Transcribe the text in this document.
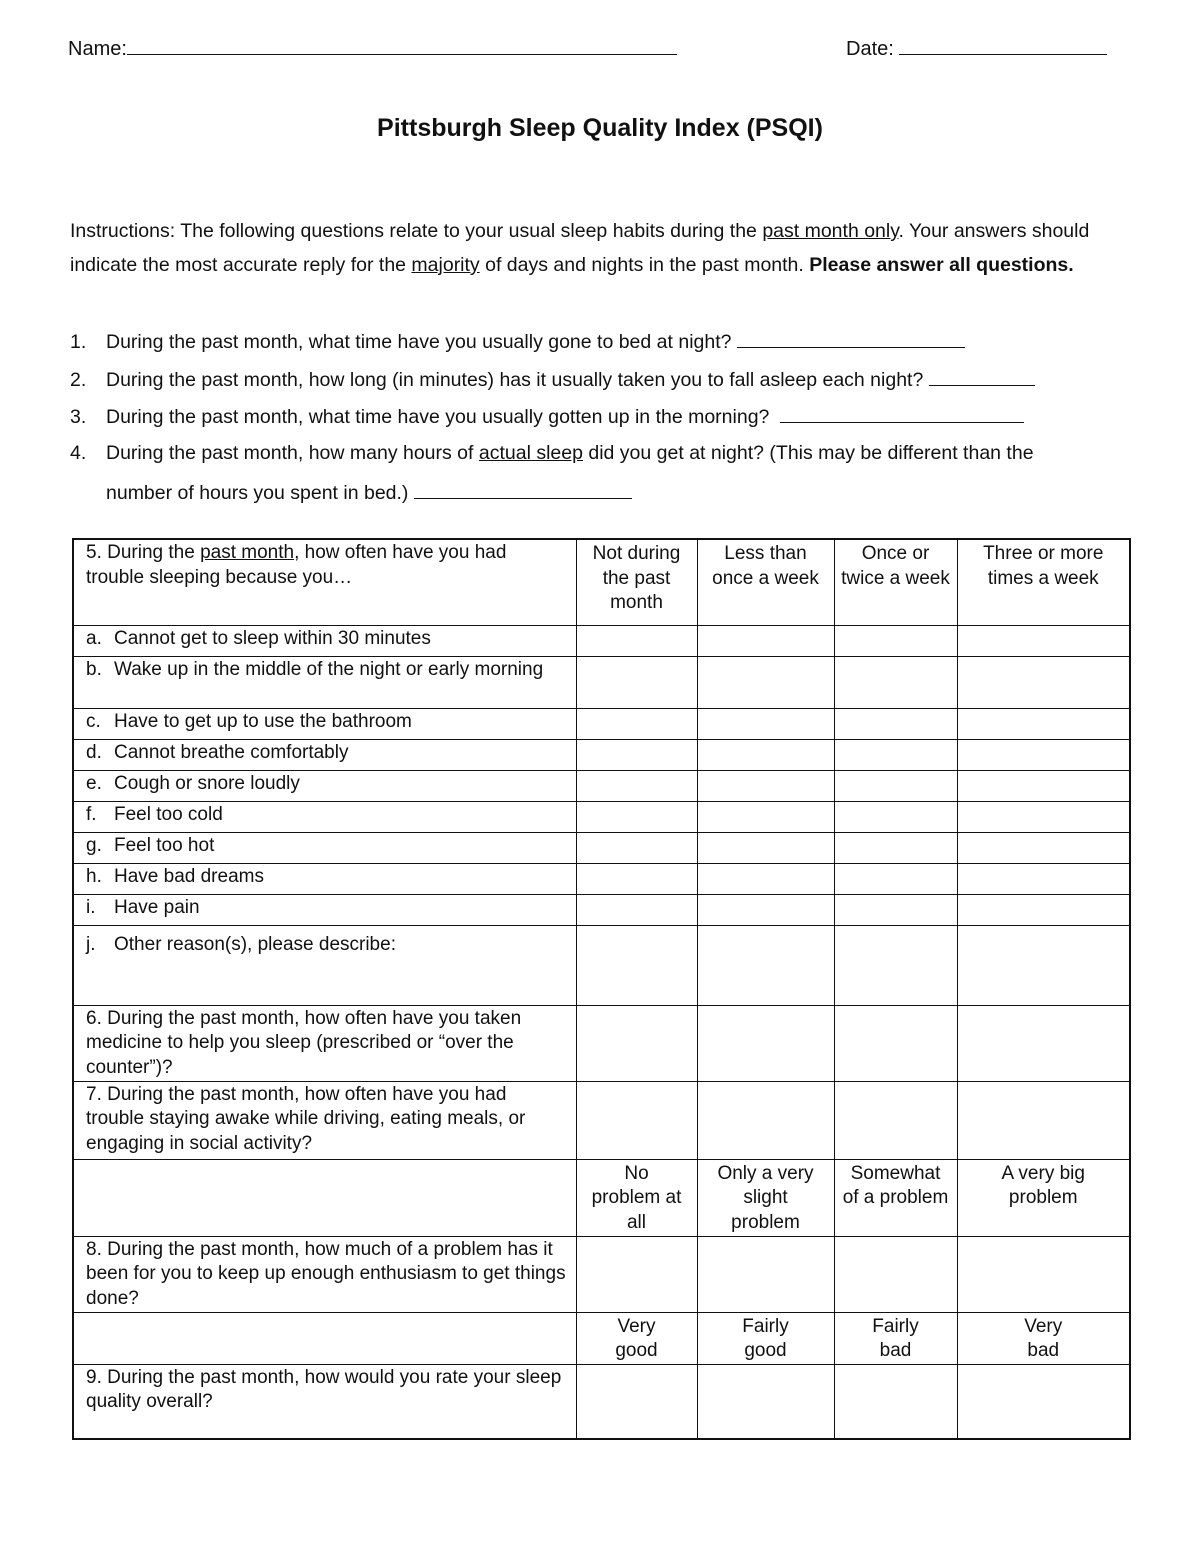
Name:	Date:
Pittsburgh Sleep Quality Index (PSQI)
Instructions: The following questions relate to your usual sleep habits during the past month only. Your answers should indicate the most accurate reply for the majority of days and nights in the past month. Please answer all questions.
1. During the past month, what time have you usually gone to bed at night?
2. During the past month, how long (in minutes) has it usually taken you to fall asleep each night?
3. During the past month, what time have you usually gotten up in the morning?
4. During the past month, how many hours of actual sleep did you get at night? (This may be different than the
number of hours you spent in bed.)
5. During the past month, how often have you had trouble sleeping because you…	Not during the past month	Less than once a week	Once or twice a week	Three or more times a week

a. Cannot get to sleep within 30 minutes				

b. Wake up in the middle of the night or early morning				

c. Have to get up to use the bathroom				

d. Cannot breathe comfortably				

e. Cough or snore loudly				

f. Feel too cold				

g. Feel too hot				

h. Have bad dreams				

i. Have pain				

j. Other reason(s), please describe:				

6. During the past month, how often have you taken medicine to help you sleep (prescribed or “over the counter”)?				
7. During the past month, how often have you had trouble staying awake while driving, eating meals, or engaging in social activity?				
	No problem at all	Only a very slight problem	Somewhat of a problem	A very big problem
8. During the past month, how much of a problem has it been for you to keep up enough enthusiasm to get things done?				
	Very good	Fairly good	Fairly bad	Very bad
9. During the past month, how would you rate your sleep quality overall?				
